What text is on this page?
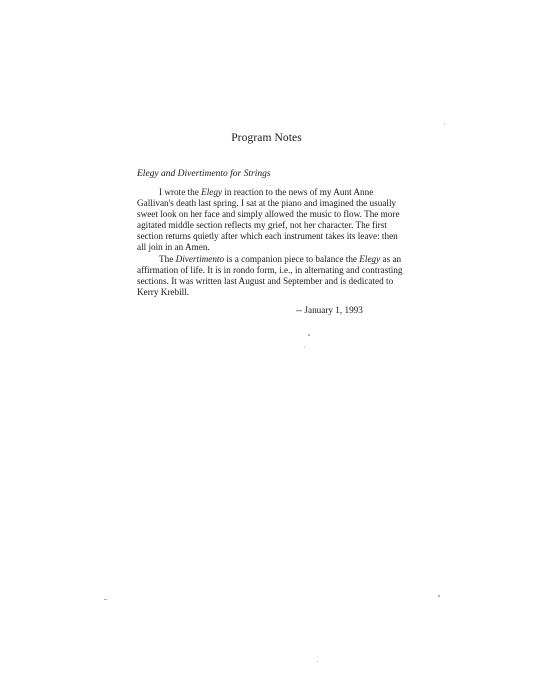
Program Notes
Elegy and Divertimento for Strings
I wrote the Elegy in reaction to the news of my Aunt Anne
Gallivan's death last spring. I sat at the piano and imagined the usually
sweet look on her face and simply allowed the music to flow. The more
agitated middle section reflects my grief, not her character. The first
section returns quietly after which each instrument takes its leave: then
all join in an Amen.
The Divertimento is a companion piece to balance the Elegy as an
affirmation of life. It is in rondo form, i.e., in alternating and contrasting
sections. It was written last August and September and is dedicated to
Kerry Krebill.
-- January 1, 1993
